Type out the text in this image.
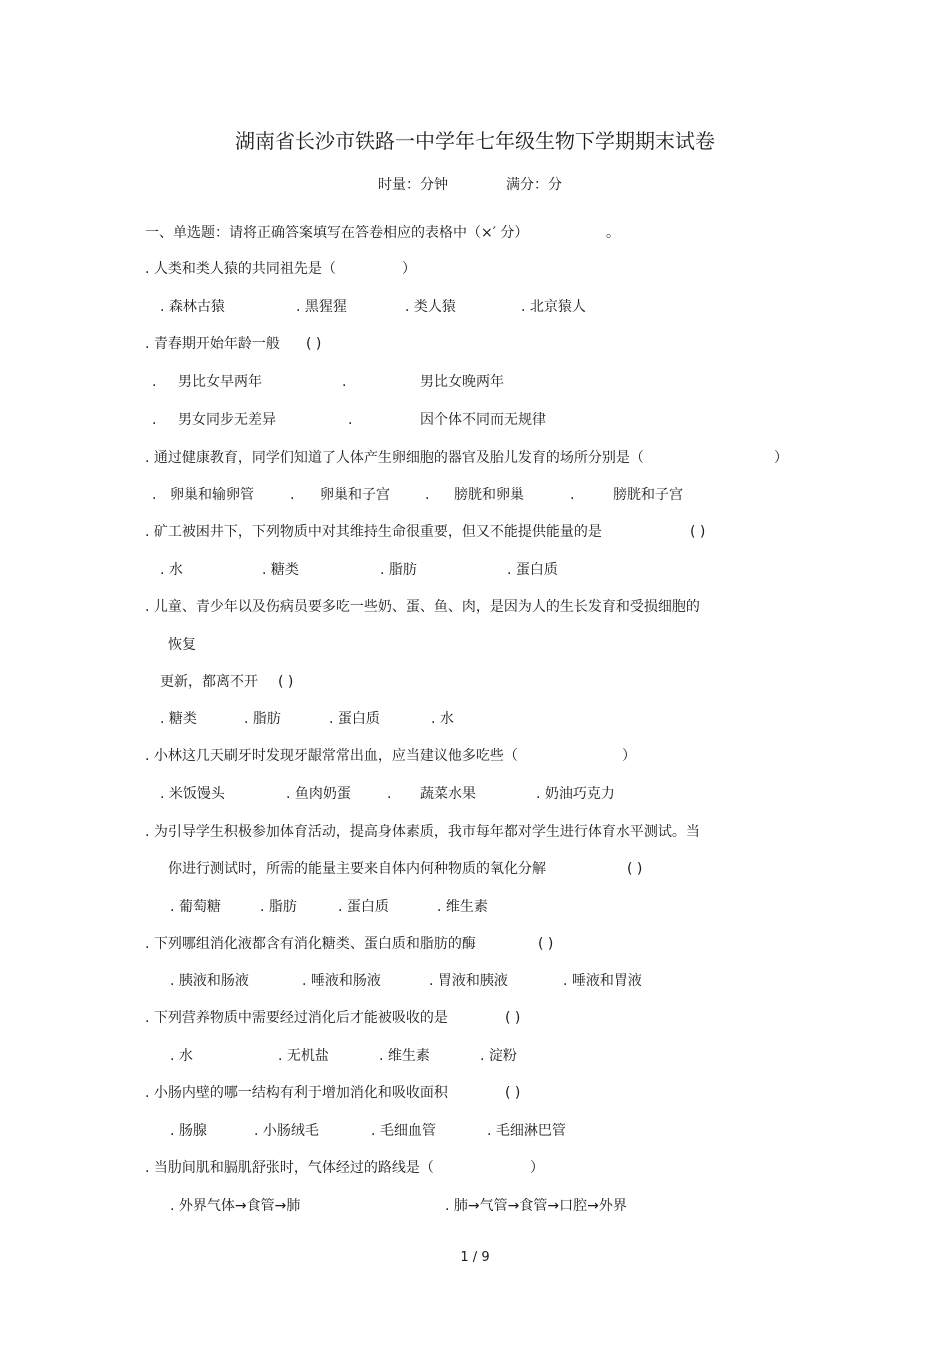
湖南省长沙市铁路一中学年七年级生物下学期期末试卷
时量：分钟	满分：分
一、单选题：请将正确答案填写在答卷相应的表格中（×′ 分）	。
. 人类和类人猿的共同祖先是（	）
. 森林古猿	. 黑猩猩	. 类人猿	. 北京猿人
. 青春期开始年龄一般 ( )
. 男比女早两年	.	男比女晚两年
. 男女同步无差异	.	因个体不同而无规律
. 通过健康教育，同学们知道了人体产生卵细胞的器官及胎儿发育的场所分别是（	）
. 卵巢和输卵管	. 卵巢和子宫	. 膀胱和卵巢	.	膀胱和子宫
. 矿工被困井下，下列物质中对其维持生命很重要，但又不能提供能量的是	( )
. 水	. 糖类	. 脂肪	. 蛋白质
. 儿童、青少年以及伤病员要多吃一些奶、蛋、鱼、肉，是因为人的生长发育和受损细胞的
恢复
更新，都离不开 ( )
. 糖类	. 脂肪	. 蛋白质	. 水
. 小林这几天刷牙时发现牙龈常常出血，应当建议他多吃些（	）
. 米饭馒头	. 鱼肉奶蛋	. 蔬菜水果	. 奶油巧克力
. 为引导学生积极参加体育活动，提高身体素质，我市每年都对学生进行体育水平测试。当
你进行测试时，所需的能量主要来自体内何种物质的氧化分解	( )
. 葡萄糖	. 脂肪	. 蛋白质	. 维生素
. 下列哪组消化液都含有消化糖类、蛋白质和脂肪的酶	( )
. 胰液和肠液	. 唾液和肠液	. 胃液和胰液	. 唾液和胃液
. 下列营养物质中需要经过消化后才能被吸收的是	( )
. 水	. 无机盐	. 维生素	. 淀粉
. 小肠内壁的哪一结构有利于增加消化和吸收面积	( )
. 肠腺	. 小肠绒毛	. 毛细血管	. 毛细淋巴管
. 当肋间肌和膈肌舒张时，气体经过的路线是（	）
. 外界气体→食管→肺	. 肺→气管→食管→口腔→外界
1 / 9
